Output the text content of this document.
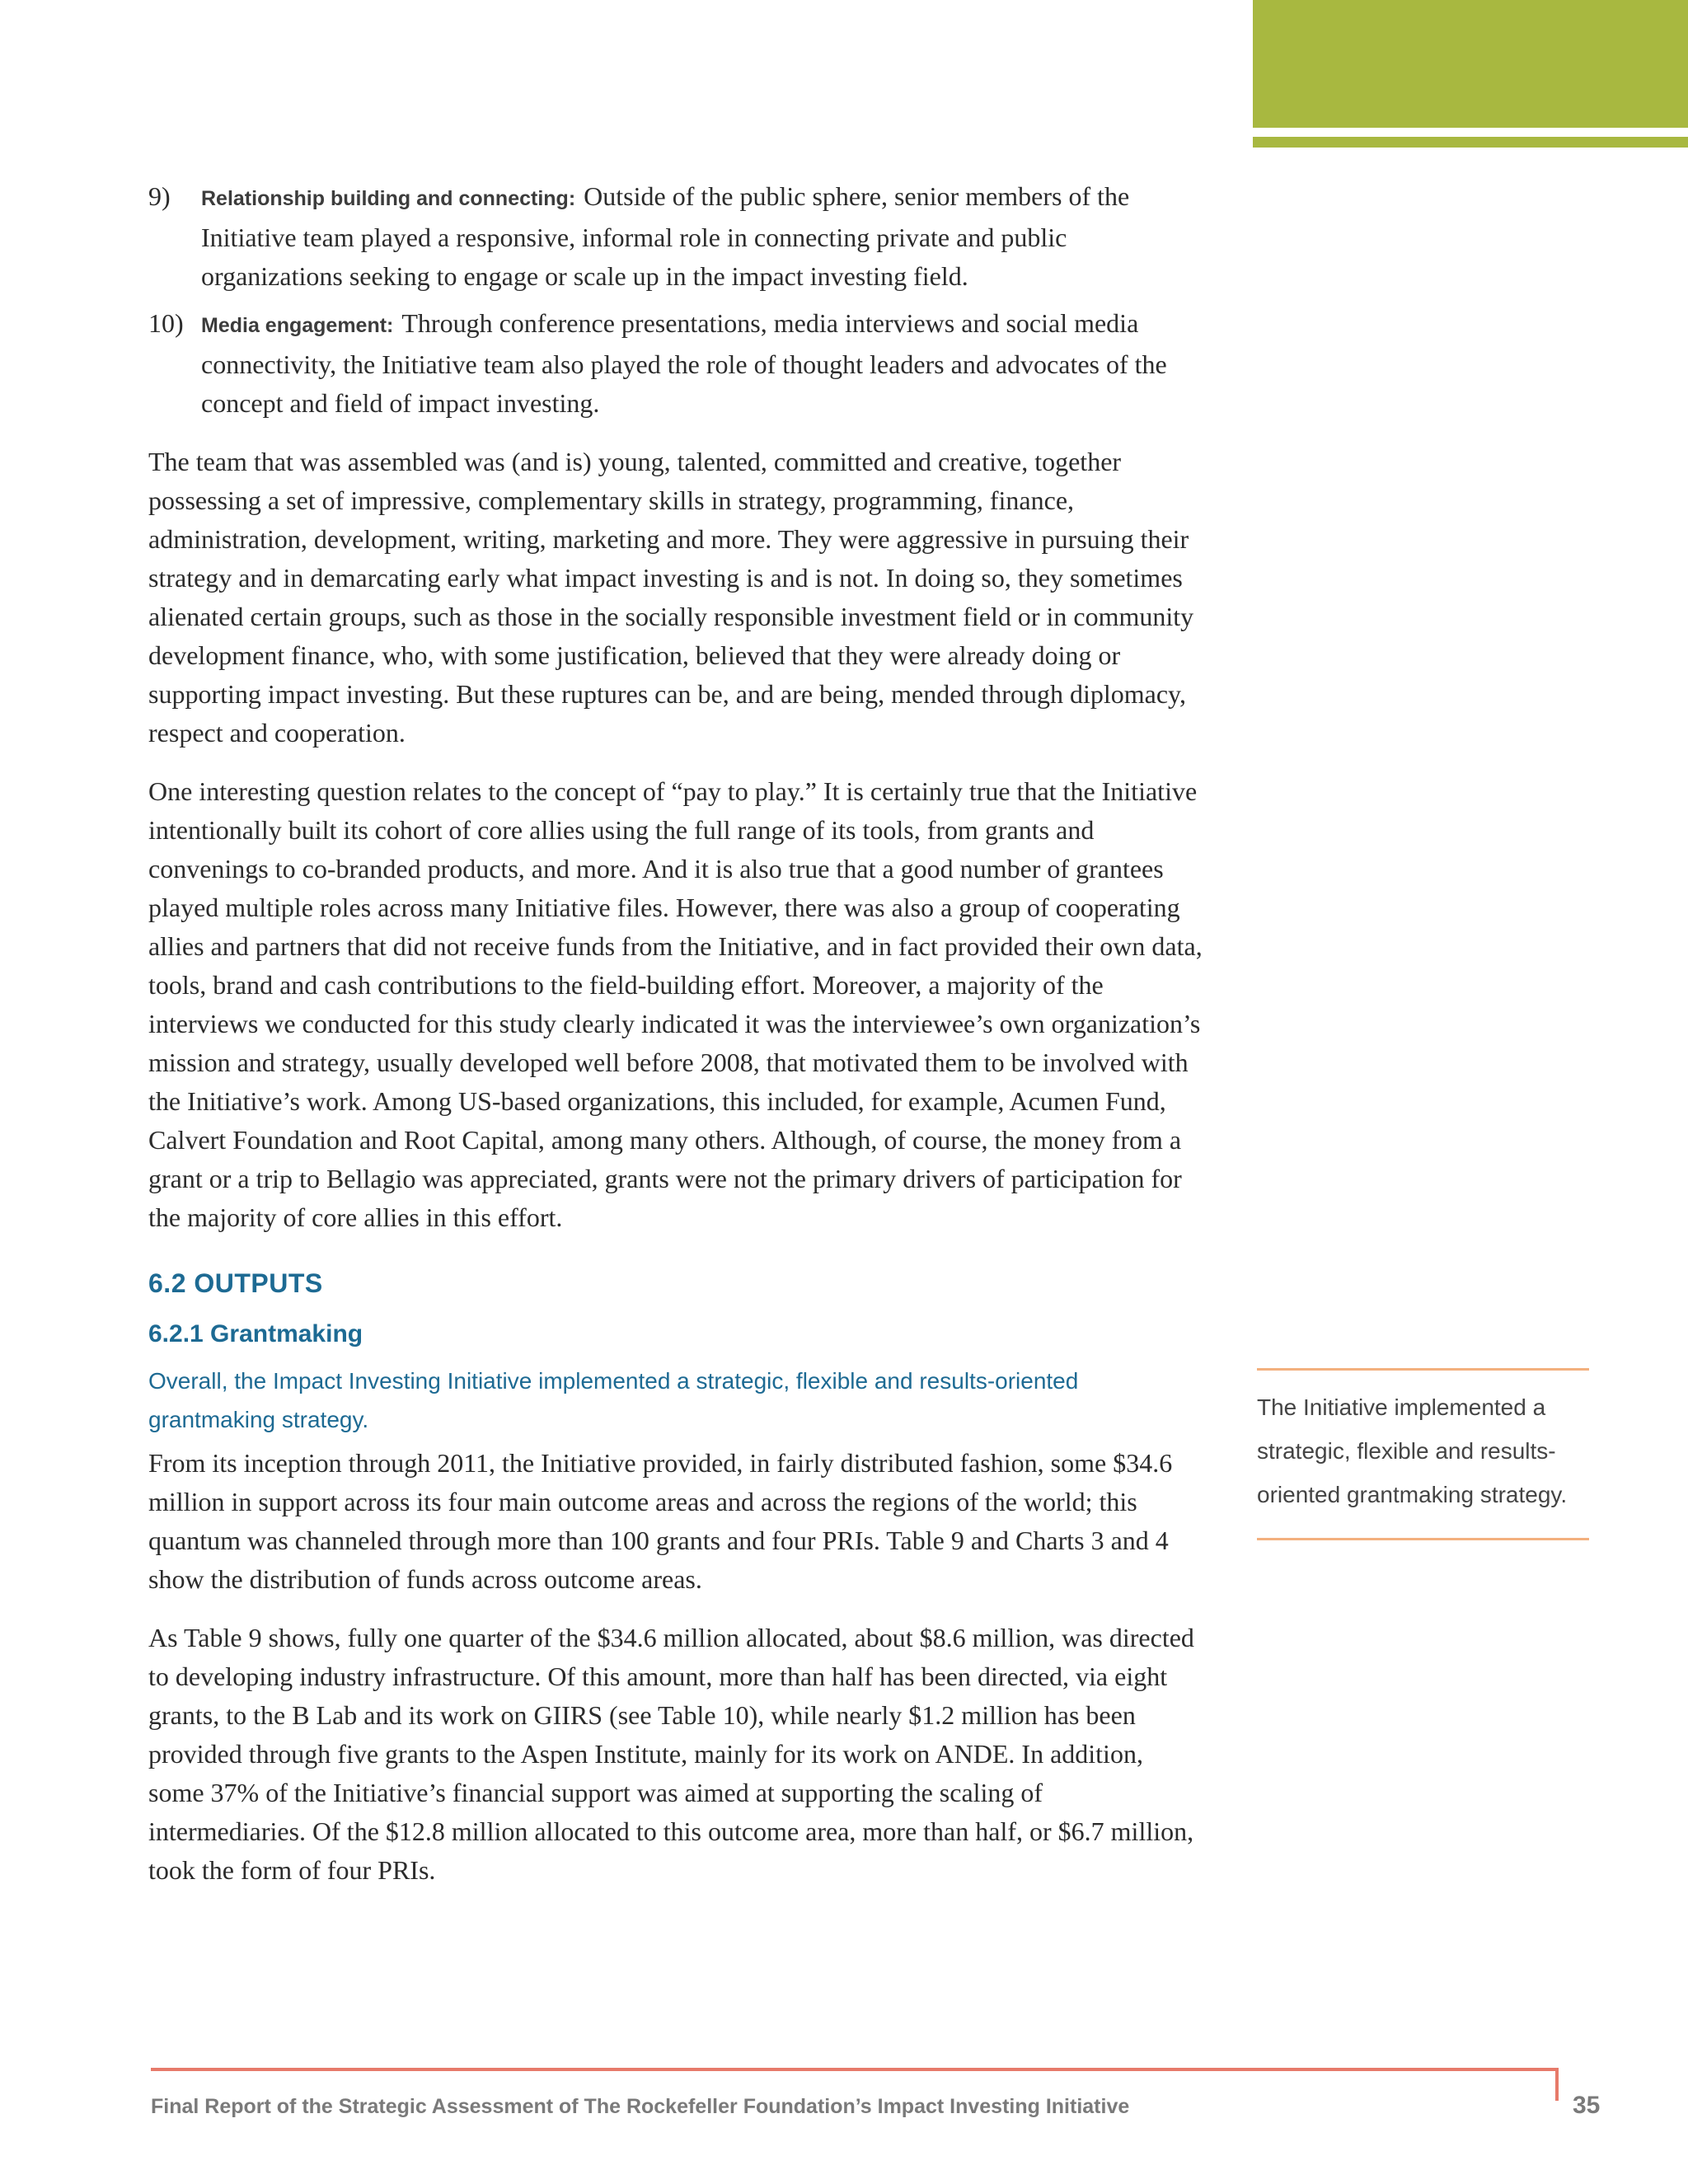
9)	Relationship building and connecting: Outside of the public sphere, senior members of the Initiative team played a responsive, informal role in connecting private and public organizations seeking to engage or scale up in the impact investing field.
10) Media engagement: Through conference presentations, media interviews and social media connectivity, the Initiative team also played the role of thought leaders and advocates of the concept and field of impact investing.

The team that was assembled was (and is) young, talented, committed and creative, together possessing a set of impressive, complementary skills in strategy, programming, finance, administration, development, writing, marketing and more. They were aggressive in pursuing their strategy and in demarcating early what impact investing is and is not. In doing so, they sometimes alienated certain groups, such as those in the socially responsible investment field or in community development finance, who, with some justification, believed that they were already doing or supporting impact investing. But these ruptures can be, and are being, mended through diplomacy, respect and cooperation.

One interesting question relates to the concept of “pay to play.” It is certainly true that the Initiative intentionally built its cohort of core allies using the full range of its tools, from grants and convenings to co-branded products, and more. And it is also true that a good number of grantees played multiple roles across many Initiative files. However, there was also a group of cooperating allies and partners that did not receive funds from the Initiative, and in fact provided their own data, tools, brand and cash contributions to the field-building effort. Moreover, a majority of the interviews we conducted for this study clearly indicated it was the interviewee’s own organization’s mission and strategy, usually developed well before 2008, that motivated them to be involved with the Initiative’s work. Among US-based organizations, this included, for example, Acumen Fund, Calvert Foundation and Root Capital, among many others. Although, of course, the money from a grant or a trip to Bellagio was appreciated, grants were not the primary drivers of participation for the majority of core allies in this effort.

6.2 OUTPUTS
6.2.1 Grantmaking

Overall, the Impact Investing Initiative implemented a strategic, flexible and results-oriented grantmaking strategy.

From its inception through 2011, the Initiative provided, in fairly distributed fashion, some $34.6 million in support across its four main outcome areas and across the regions of the world; this quantum was channeled through more than 100 grants and four PRIs. Table 9 and Charts 3 and 4 show the distribution of funds across outcome areas.

As Table 9 shows, fully one quarter of the $34.6 million allocated, about $8.6 million, was directed to developing industry infrastructure. Of this amount, more than half has been directed, via eight grants, to the B Lab and its work on GIIRS (see Table 10), while nearly $1.2 million has been provided through five grants to the Aspen Institute, mainly for its work on ANDE. In addition, some 37% of the Initiative’s financial support was aimed at supporting the scaling of intermediaries. Of the $12.8 million allocated to this outcome area, more than half, or $6.7 million, took the form of four PRIs.

The Initiative implemented a strategic, flexible and results-oriented grantmaking strategy.
Final Report of the Strategic Assessment of The Rockefeller Foundation’s Impact Investing Initiative	35
